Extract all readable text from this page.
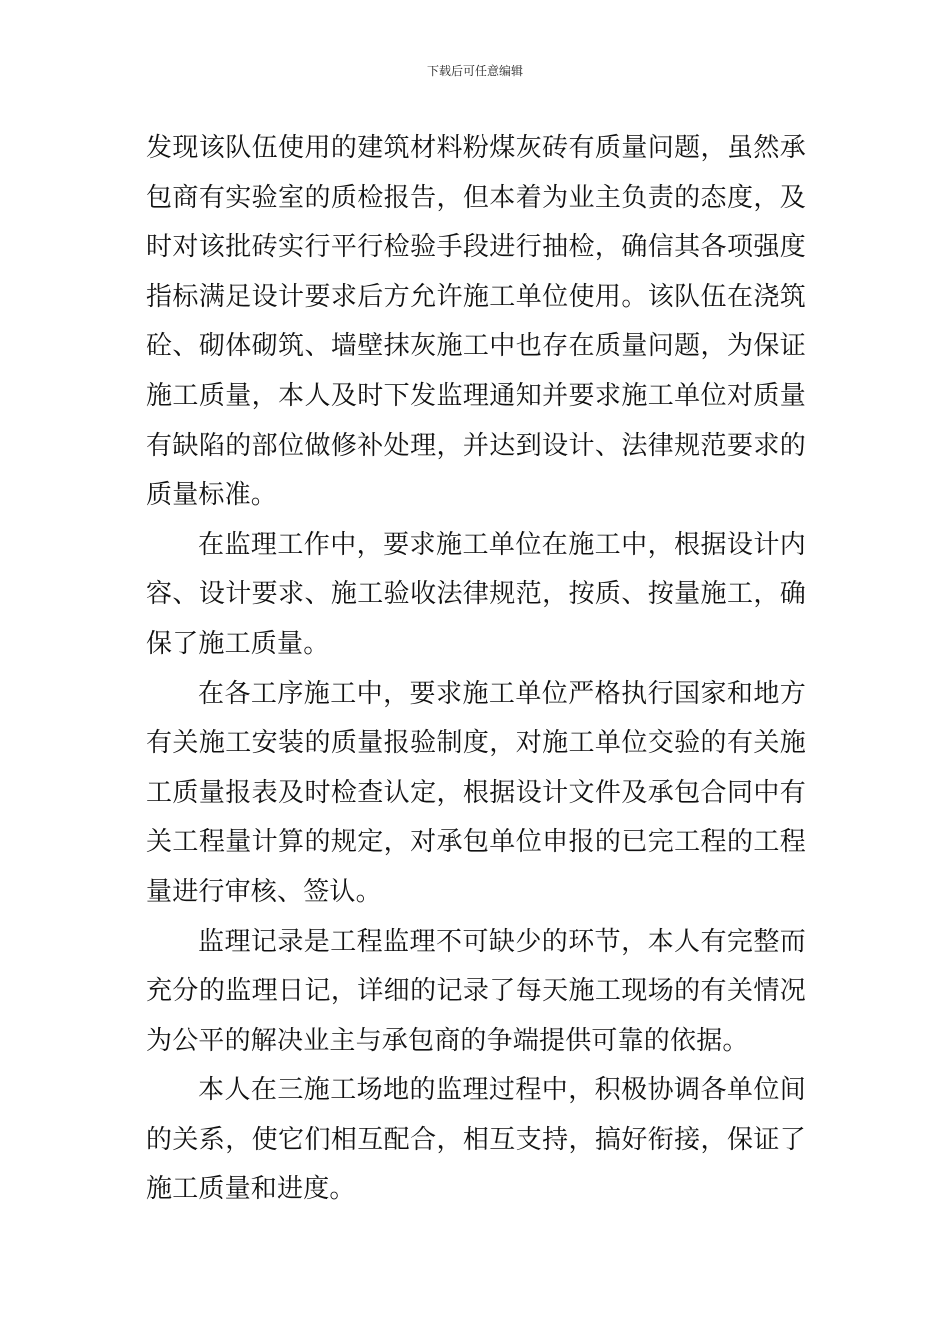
下载后可任意编辑

发现该队伍使用的建筑材料粉煤灰砖有质量问题，虽然承包商有实验室的质检报告，但本着为业主负责的态度，及时对该批砖实行平行检验手段进行抽检，确信其各项强度指标满足设计要求后方允许施工单位使用。该队伍在浇筑砼、砌体砌筑、墙壁抹灰施工中也存在质量问题，为保证施工质量，本人及时下发监理通知并要求施工单位对质量有缺陷的部位做修补处理，并达到设计、法律规范要求的质量标准。

在监理工作中，要求施工单位在施工中，根据设计内容、设计要求、施工验收法律规范，按质、按量施工，确保了施工质量。

在各工序施工中，要求施工单位严格执行国家和地方有关施工安装的质量报验制度，对施工单位交验的有关施工质量报表及时检查认定，根据设计文件及承包合同中有关工程量计算的规定，对承包单位申报的已完工程的工程量进行审核、签认。

监理记录是工程监理不可缺少的环节，本人有完整而充分的监理日记，详细的记录了每天施工现场的有关情况为公平的解决业主与承包商的争端提供可靠的依据。

本人在三施工场地的监理过程中，积极协调各单位间的关系，使它们相互配合，相互支持，搞好衔接，保证了施工质量和进度。
